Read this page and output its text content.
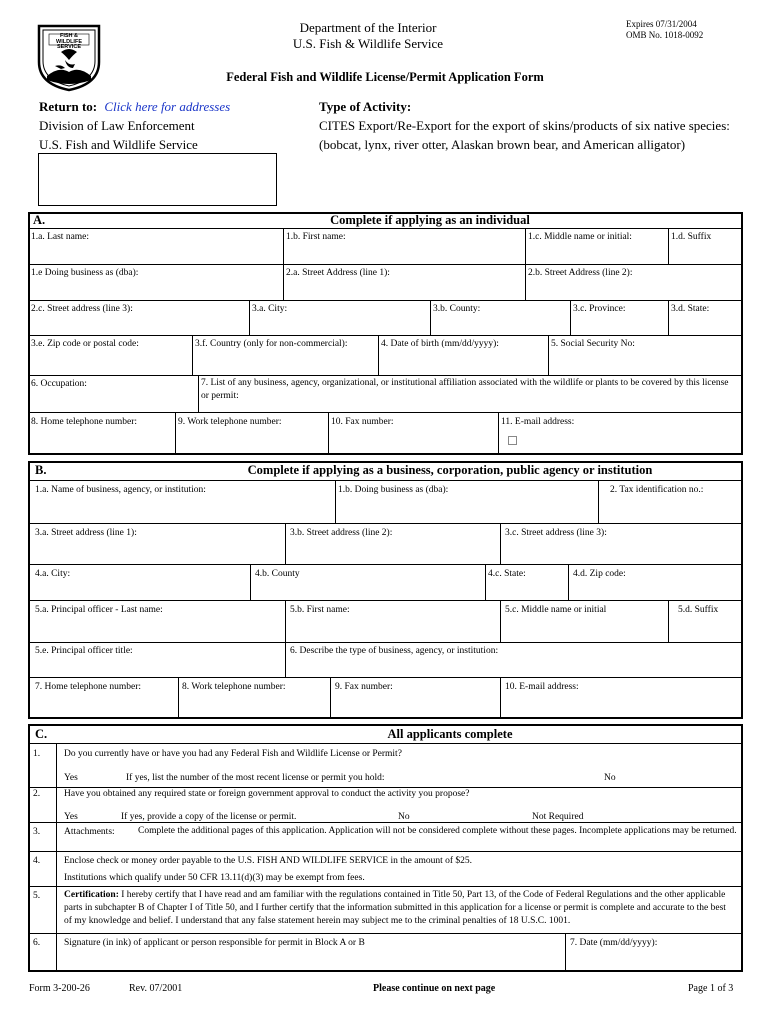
FISH & WILDLIFE SERVICE
Department of the Interior
U.S. Fish & Wildlife Service
Expires 07/31/2004
OMB No. 1018-0092
Federal Fish and Wildlife License/Permit Application Form
Return to: Click here for addresses
Division of Law Enforcement
U.S. Fish and Wildlife Service
Type of Activity:
CITES Export/Re-Export for the export of skins/products of six native species:
(bobcat, lynx, river otter, Alaskan brown bear, and American alligator)
A.	Complete if applying as an individual
1.a. Last name:	1.b. First name:	1.c. Middle name or initial:	1.d. Suffix
1.e Doing business as (dba):	2.a. Street Address (line 1):	2.b. Street Address (line 2):
2.c. Street address (line 3):	3.a. City:	3.b. County:	3.c. Province:	3.d. State:
3.e. Zip code or postal code:	3.f. Country (only for non-commercial):	4. Date of birth (mm/dd/yyyy):	5. Social Security No:
6. Occupation:	7. List of any business, agency, organizational, or institutional affiliation associated with the wildlife or plants to be covered by this license or permit:
8. Home telephone number:	9. Work telephone number:	10. Fax number:	11. E-mail address:
B.	Complete if applying as a business, corporation, public agency or institution
1.a. Name of business, agency, or institution:	1.b. Doing business as (dba):	2. Tax identification no.:
3.a. Street address (line 1):	3.b. Street address (line 2):	3.c. Street address (line 3):
4.a. City:	4.b. County	4.c. State:	4.d. Zip code:
5.a. Principal officer - Last name:	5.b. First name:	5.c. Middle name or initial	5.d. Suffix
5.e. Principal officer title:	6. Describe the type of business, agency, or institution:
7. Home telephone number:	8. Work telephone number:	9. Fax number:	10. E-mail address:
C.	All applicants complete
1.	Do you currently have or have you had any Federal Fish and Wildlife License or Permit?
Yes	If yes, list the number of the most recent license or permit you hold:	No
2.	Have you obtained any required state or foreign government approval to conduct the activity you propose?
Yes	If yes, provide a copy of the license or permit.	No	Not Required
3.	Attachments: Complete the additional pages of this application. Application will not be considered complete without these pages. Incomplete applications may be returned.
4.	Enclose check or money order payable to the U.S. FISH AND WILDLIFE SERVICE in the amount of $25.
Institutions which qualify under 50 CFR 13.11(d)(3) may be exempt from fees.
5.	Certification: I hereby certify that I have read and am familiar with the regulations contained in Title 50, Part 13, of the Code of Federal Regulations and the other applicable parts in subchapter B of Chapter I of Title 50, and I further certify that the information submitted in this application for a license or permit is complete and accurate to the best of my knowledge and belief. I understand that any false statement herein may subject me to the criminal penalties of 18 U.S.C. 1001.
6.	Signature (in ink) of applicant or person responsible for permit in Block A or B	7. Date (mm/dd/yyyy):
Form 3-200-26	Rev. 07/2001	Please continue on next page	Page 1 of 3
